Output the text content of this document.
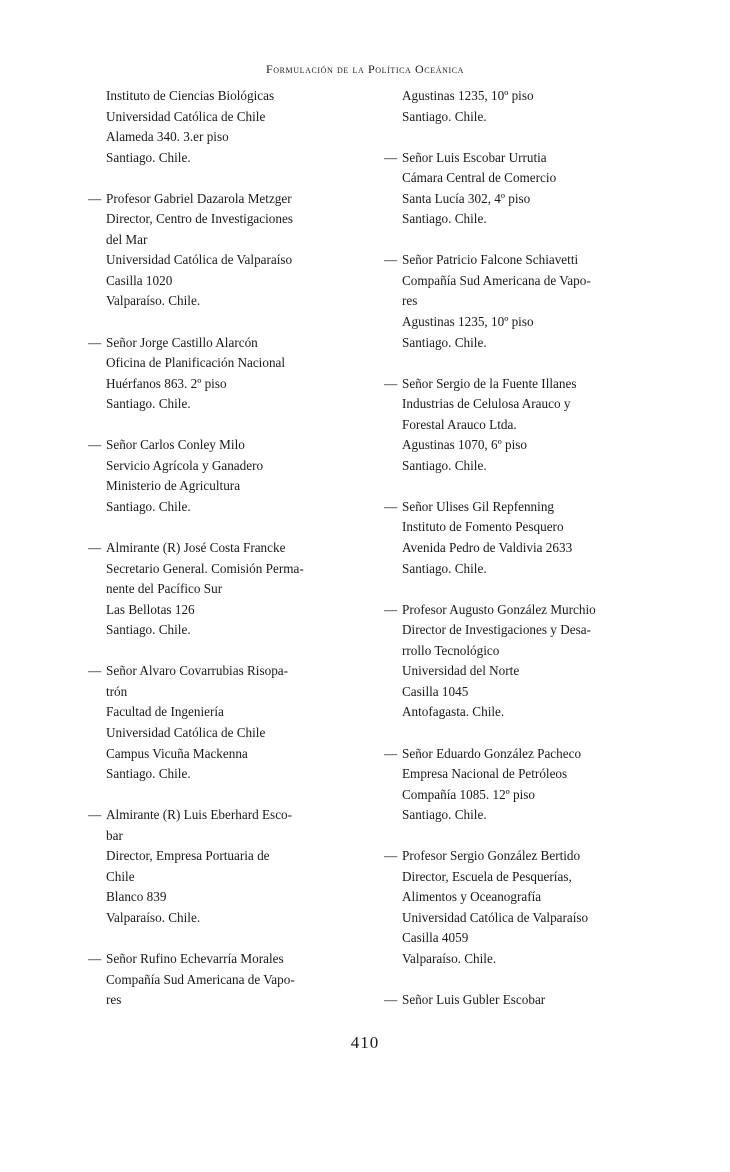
Formulación de la Política Oceánica
Instituto de Ciencias Biológicas
Universidad Católica de Chile
Alameda 340. 3.er piso
Santiago. Chile.
— Profesor Gabriel Dazarola Metzger
Director, Centro de Investigaciones
del Mar
Universidad Católica de Valparaíso
Casilla 1020
Valparaíso. Chile.
— Señor Jorge Castillo Alarcón
Oficina de Planificación Nacional
Huérfanos 863. 2º piso
Santiago. Chile.
— Señor Carlos Conley Milo
Servicio Agrícola y Ganadero
Ministerio de Agricultura
Santiago. Chile.
— Almirante (R) José Costa Francke
Secretario General. Comisión Perma-
nente del Pacífico Sur
Las Bellotas 126
Santiago. Chile.
— Señor Alvaro Covarrubias Risopa-
trón
Facultad de Ingeniería
Universidad Católica de Chile
Campus Vicuña Mackenna
Santiago. Chile.
— Almirante (R) Luis Eberhard Esco-
bar
Director, Empresa Portuaria de
Chile
Blanco 839
Valparaíso. Chile.
— Señor Rufino Echevarría Morales
Compañía Sud Americana de Vapo-
res
Agustinas 1235, 10º piso
Santiago. Chile.
— Señor Luis Escobar Urrutia
Cámara Central de Comercio
Santa Lucía 302, 4º piso
Santiago. Chile.
— Señor Patricio Falcone Schiavetti
Compañía Sud Americana de Vapo-
res
Agustinas 1235, 10º piso
Santiago. Chile.
— Señor Sergio de la Fuente Illanes
Industrias de Celulosa Arauco y
Forestal Arauco Ltda.
Agustinas 1070, 6º piso
Santiago. Chile.
— Señor Ulises Gil Repfenning
Instituto de Fomento Pesquero
Avenida Pedro de Valdivia 2633
Santiago. Chile.
— Profesor Augusto González Murchio
Director de Investigaciones y Desa-
rrollo Tecnológico
Universidad del Norte
Casilla 1045
Antofagasta. Chile.
— Señor Eduardo González Pacheco
Empresa Nacional de Petróleos
Compañía 1085. 12º piso
Santiago. Chile.
— Profesor Sergio González Bertido
Director, Escuela de Pesquerías,
Alimentos y Oceanografía
Universidad Católica de Valparaíso
Casilla 4059
Valparaíso. Chile.
— Señor Luis Gubler Escobar
410
